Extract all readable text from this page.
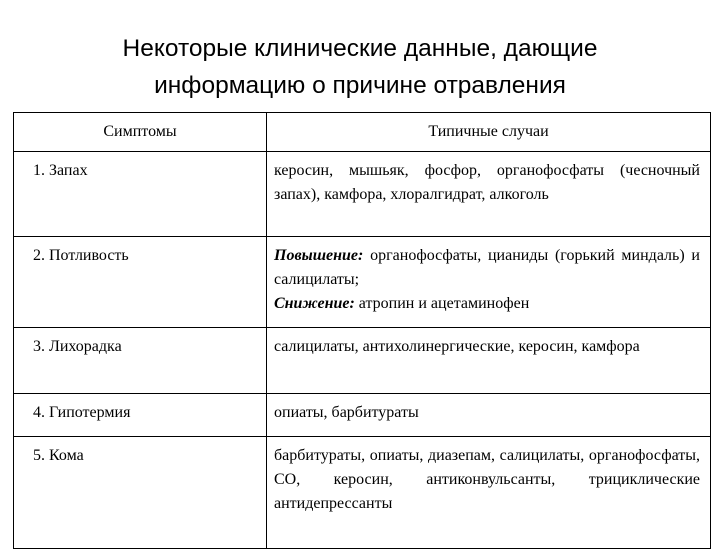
Некоторые клинические данные, дающие
информацию о причине отравления
Симптомы	Типичные случаи
1. Запах	керосин, мышьяк, фосфор, органофосфаты (чесночный запах), камфора, хлоралгидрат, алкоголь
2. Потливость	Повышение: органофосфаты, цианиды (горький миндаль) и салицилаты;
Снижение: атропин и ацетаминофен

3. Лихорадка	салицилаты, антихолинергические, керосин, камфора
4. Гипотермия	опиаты, барбитураты
5. Кома	барбитураты, опиаты, диазепам, салицилаты, органофосфаты, СО, керосин, антиконвульсанты, трициклические антидепрессанты
